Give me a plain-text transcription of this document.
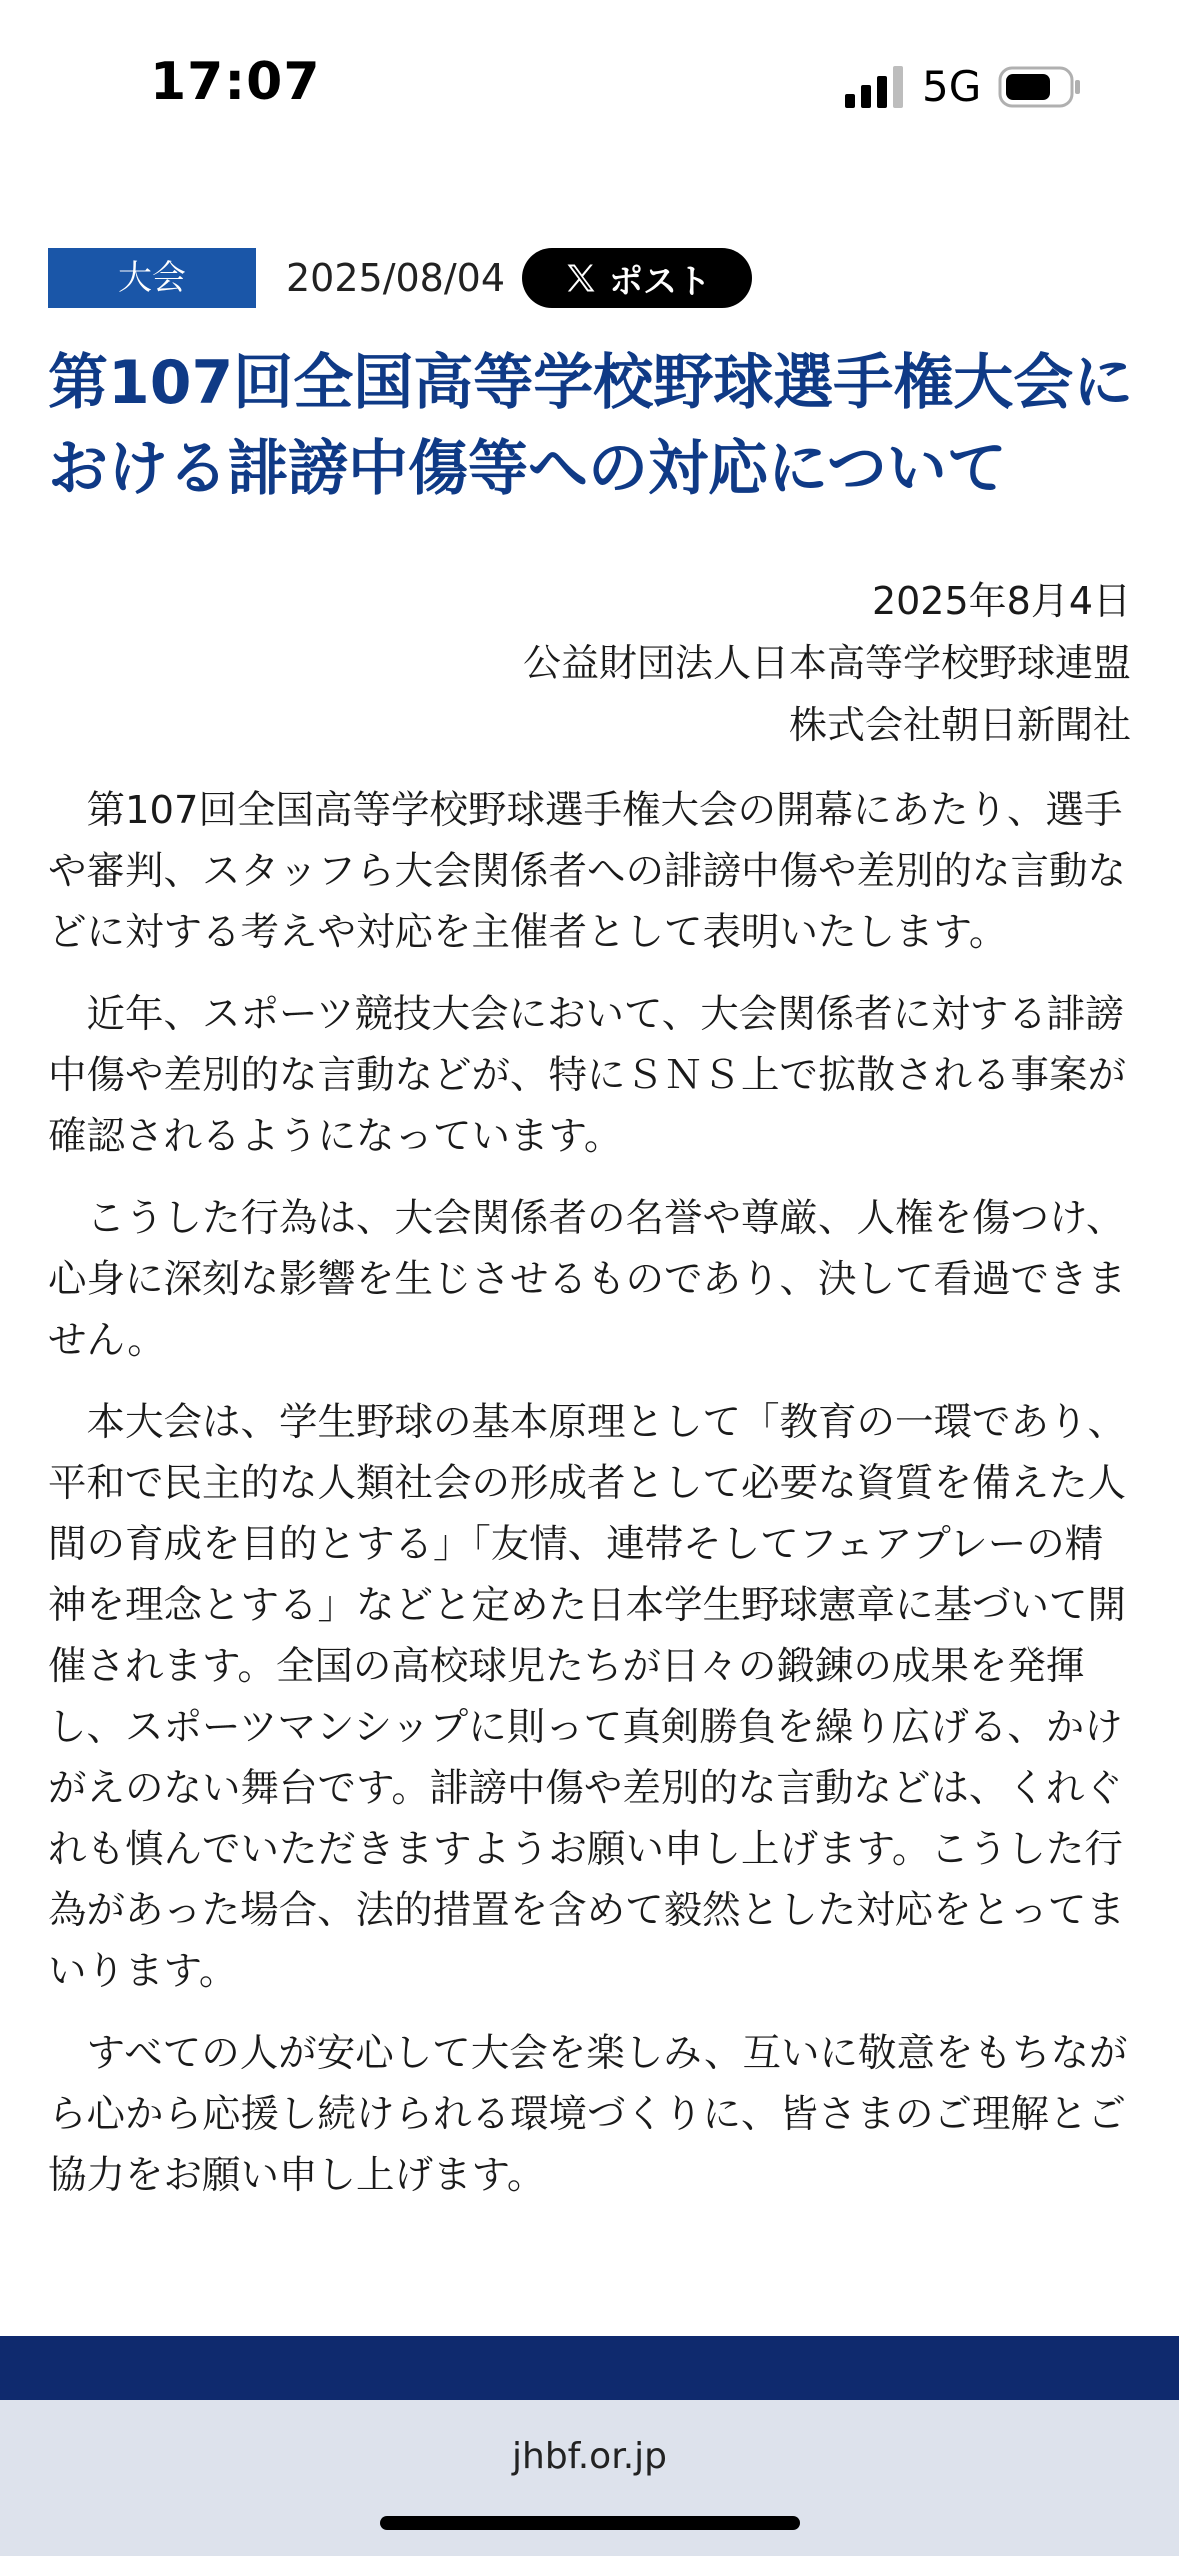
17:07	5G
大会	2025/08/04	ポスト
第107回全国高等学校野球選手権大会における誹謗中傷等への対応について
2025年8月4日
公益財団法人日本高等学校野球連盟
株式会社朝日新聞社

第107回全国高等学校野球選手権大会の開幕にあたり、選手や審判、スタッフら大会関係者への誹謗中傷や差別的な言動などに対する考えや対応を主催者として表明いたします。

近年、スポーツ競技大会において、大会関係者に対する誹謗中傷や差別的な言動などが、特にＳＮＳ上で拡散される事案が確認されるようになっています。

こうした行為は、大会関係者の名誉や尊厳、人権を傷つけ、心身に深刻な影響を生じさせるものであり、決して看過できません。

本大会は、学生野球の基本原理として「教育の一環であり、平和で民主的な人類社会の形成者として必要な資質を備えた人間の育成を目的とする」「友情、連帯そしてフェアプレーの精神を理念とする」などと定めた日本学生野球憲章に基づいて開催されます。全国の高校球児たちが日々の鍛錬の成果を発揮し、スポーツマンシップに則って真剣勝負を繰り広げる、かけがえのない舞台です。誹謗中傷や差別的な言動などは、くれぐれも慎んでいただきますようお願い申し上げます。こうした行為があった場合、法的措置を含めて毅然とした対応をとってまいります。

すべての人が安心して大会を楽しみ、互いに敬意をもちながら心から応援し続けられる環境づくりに、皆さまのご理解とご協力をお願い申し上げます。

jhbf.or.jp
